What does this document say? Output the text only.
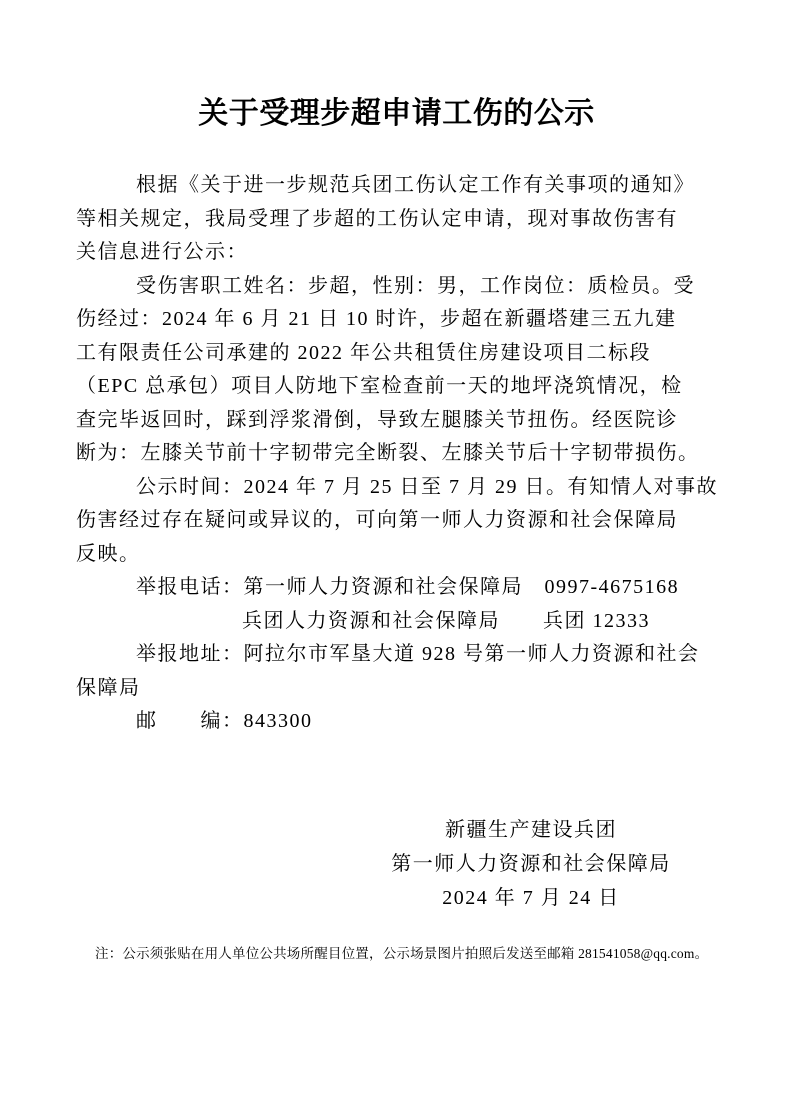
关于受理步超申请工伤的公示
根据《关于进一步规范兵团工伤认定工作有关事项的通知》
等相关规定，我局受理了步超的工伤认定申请，现对事故伤害有
关信息进行公示：
受伤害职工姓名：步超，性别：男，工作岗位：质检员。受
伤经过：2024 年 6 月 21 日 10 时许，步超在新疆塔建三五九建
工有限责任公司承建的 2022 年公共租赁住房建设项目二标段
（EPC 总承包）项目人防地下室检查前一天的地坪浇筑情况，检
查完毕返回时，踩到浮浆滑倒，导致左腿膝关节扭伤。经医院诊
断为：左膝关节前十字韧带完全断裂、左膝关节后十字韧带损伤。
公示时间：2024 年 7 月 25 日至 7 月 29 日。有知情人对事故
伤害经过存在疑问或异议的，可向第一师人力资源和社会保障局
反映。
举报电话：第一师人力资源和社会保障局　0997-4675168
兵团人力资源和社会保障局　　兵团 12333
举报地址：阿拉尔市军垦大道 928 号第一师人力资源和社会
保障局
邮　　编：843300
新疆生产建设兵团
第一师人力资源和社会保障局
2024 年 7 月 24 日
注：公示须张贴在用人单位公共场所醒目位置，公示场景图片拍照后发送至邮箱 281541058@qq.com。
